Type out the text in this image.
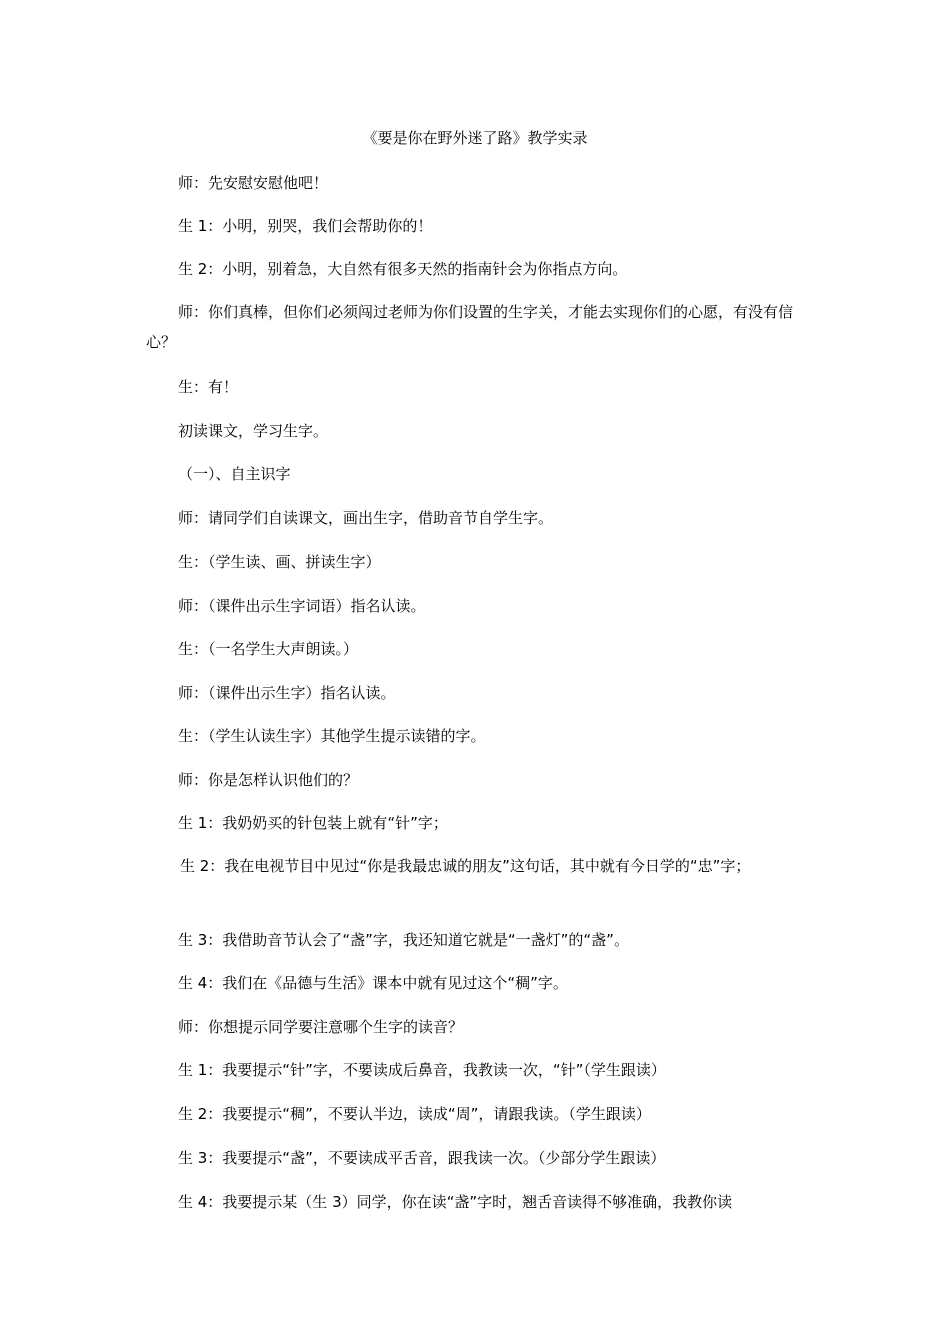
《要是你在野外迷了路》教学实录
师：先安慰安慰他吧！
生 1：小明，别哭，我们会帮助你的！
生 2：小明，别着急，大自然有很多天然的指南针会为你指点方向。
师：你们真棒，但你们必须闯过老师为你们设置的生字关，才能去实现你们的心愿，有没有信心？
生：有！
初读课文，学习生字。
（一）、自主识字
师：请同学们自读课文，画出生字，借助音节自学生字。
生：（学生读、画、拼读生字）
师：（课件出示生字词语）指名认读。
生：（一名学生大声朗读。）
师：（课件出示生字）指名认读。
生：（学生认读生字）其他学生提示读错的字。
师：你是怎样认识他们的？
生 1：我奶奶买的针包装上就有“针”字；
生 2：我在电视节目中见过“你是我最忠诚的朋友”这句话，其中就有今日学的“忠”字；
生 3：我借助音节认会了“盏”字，我还知道它就是“一盏灯”的“盏”。
生 4：我们在《品德与生活》课本中就有见过这个“稠”字。
师：你想提示同学要注意哪个生字的读音？
生 1：我要提示“针”字，不要读成后鼻音，我教读一次，“针”（学生跟读）
生 2：我要提示“稠”，不要认半边，读成“周”，请跟我读。（学生跟读）
生 3：我要提示“盏”，不要读成平舌音，跟我读一次。（少部分学生跟读）
生 4：我要提示某（生 3）同学，你在读“盏”字时，翘舌音读得不够准确，我教你读
